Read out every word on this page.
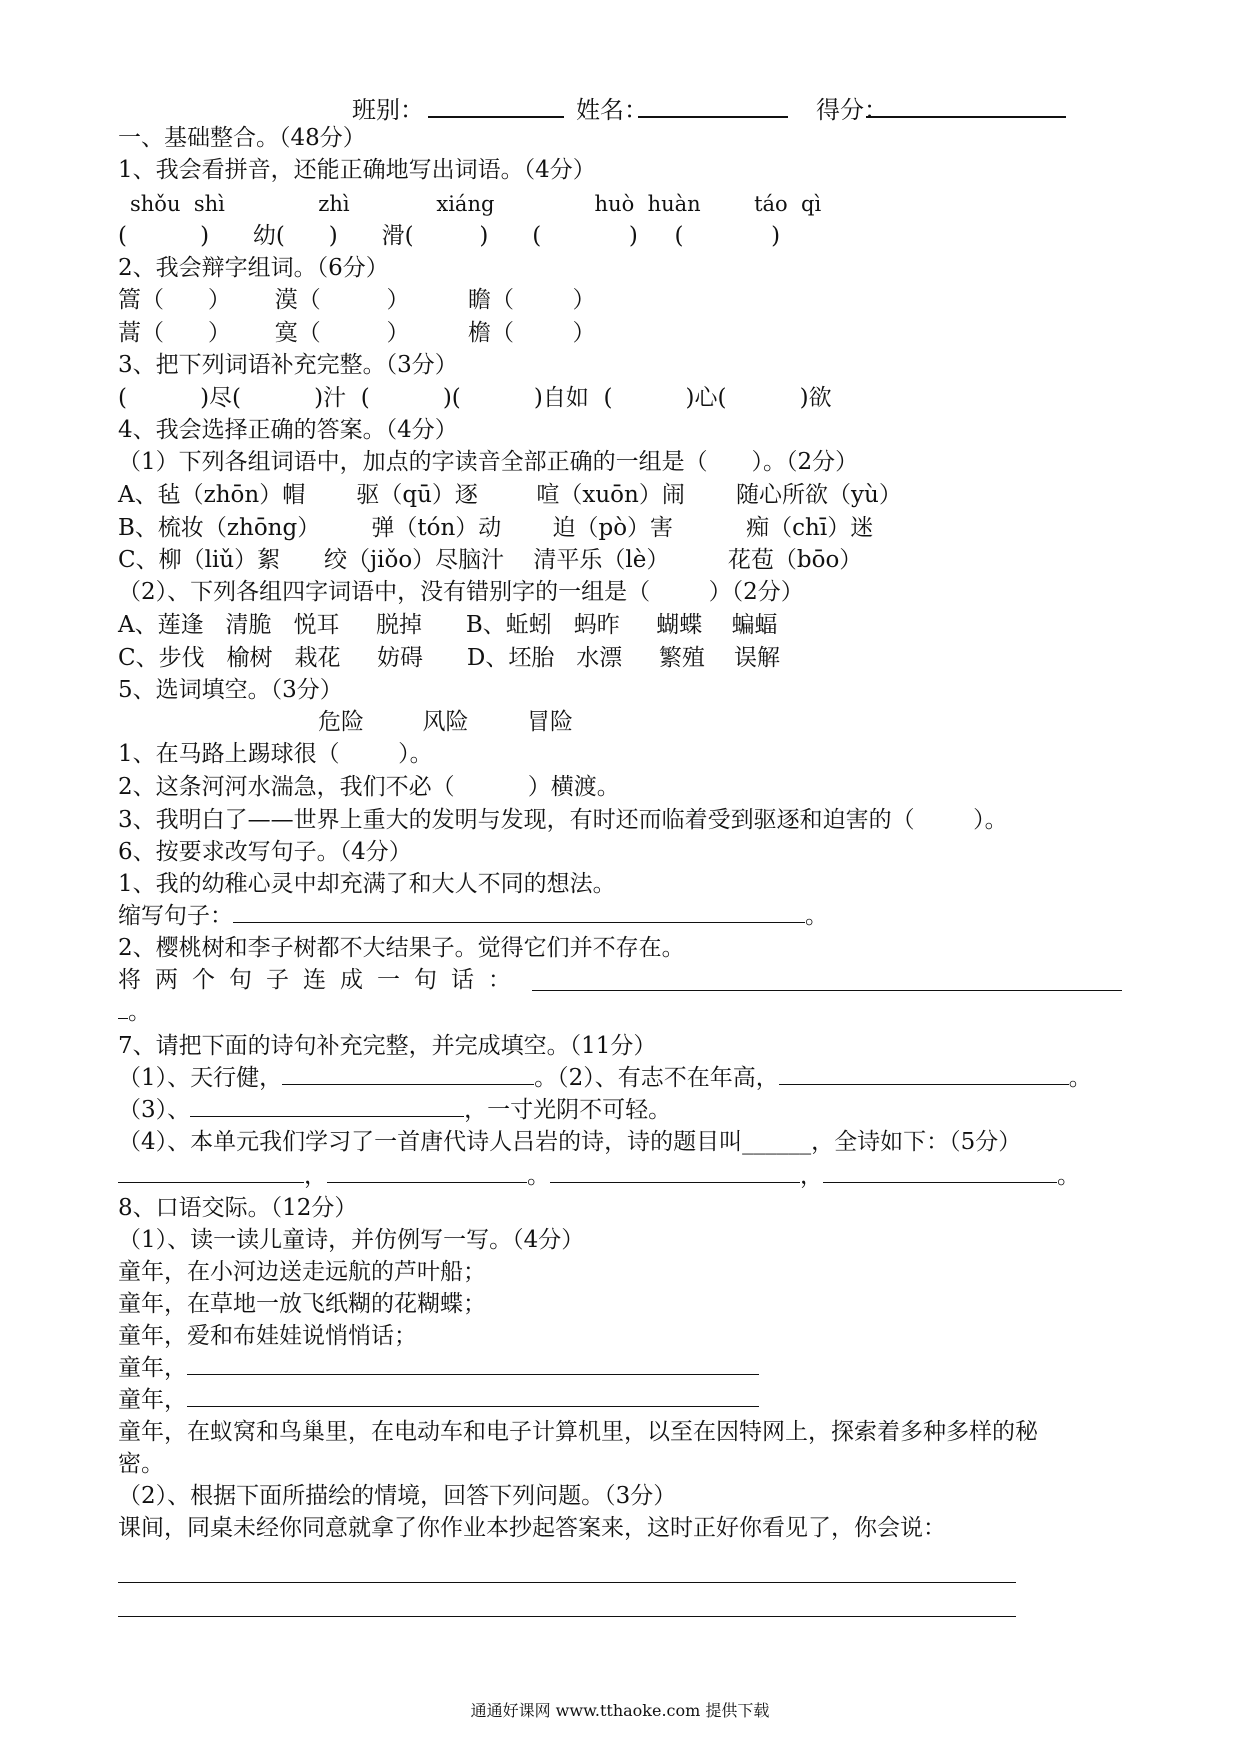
班别：	姓名：	得分：
一、基础整合。（48分）
1、我会看拼音，还能正确地写出词语。（4分）
shǒu  shì              zhì             xiáng               huò  huàn        táo  qì
(          )      幼(      )      滑(         )      (            )     (            )
2、我会辩字组词。（6分）
篙（      ）      漠（         ）        瞻（        ）
蒿（      ）      寞（         ）        檐（        ）
3、把下列词语补充完整。（3分）
(          )尽(          )汁  (          )(          )自如  (          )心(          )欲
4、我会选择正确的答案。（4分）
（1）下列各组词语中，加点的字读音全部正确的一组是（      ）。（2分）
A、毡（zhōn）帽       驱（qū）逐        喧（xuōn）闹       随心所欲（yù）
B、梳妆（zhōng）       弹（tón）动       迫（pò）害          痴（chī）迷
C、柳（liǔ）絮      绞（jiǒo）尽脑汁    清平乐（lè）        花苞（bōo）
（2）、下列各组四字词语中，没有错别字的一组是（        ）（2分）
A、莲逢   清脆   悦耳     脱掉      B、蚯蚓   蚂昨     蝴蝶    蝙蝠
C、步伐   榆树   栽花     妨碍      D、坯胎   水漂     繁殖    误解
5、选词填空。（3分）
危险        风险        冒险
1、在马路上踢球很（        ）。
2、这条河河水湍急，我们不必（          ）横渡。
3、我明白了——世界上重大的发明与发现，有时还而临着受到驱逐和迫害的（        ）。
6、按要求改写句子。（4分）
1、我的幼稚心灵中却充满了和大人不同的想法。
缩写句子：	。
2、樱桃树和李子树都不大结果子。觉得它们并不存在。
将两个句子连成一句话：
。
7、请把下面的诗句补充完整，并完成填空。（11分）
（1）、天行健，	。（2）、有志不在年高，	。
（3）、	，一寸光阴不可轻。
（4）、本单元我们学习了一首唐代诗人吕岩的诗，诗的题目叫______，全诗如下：（5分）
，	。	，	。
8、口语交际。（12分）
（1）、读一读儿童诗，并仿例写一写。（4分）
童年，在小河边送走远航的芦叶船；
童年，在草地一放飞纸糊的花糊蝶；
童年，爱和布娃娃说悄悄话；
童年，
童年，
童年，在蚁窝和鸟巢里，在电动车和电子计算机里，以至在因特网上，探索着多种多样的秘
密。
（2）、根据下面所描绘的情境，回答下列问题。（3分）
课间，同桌未经你同意就拿了你作业本抄起答案来，这时正好你看见了，你会说：
通通好课网 www.tthaoke.com 提供下载
